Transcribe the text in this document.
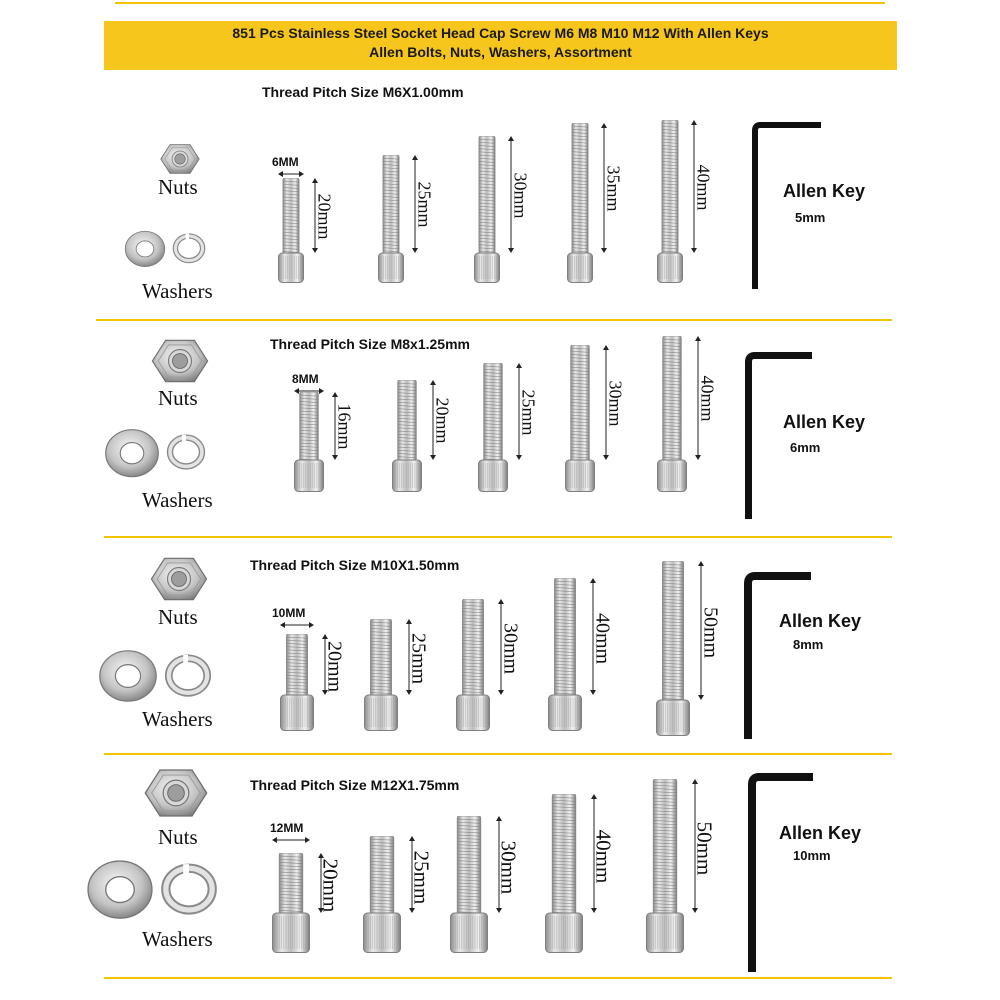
851 Pcs Stainless Steel Socket Head Cap Screw M6 M8 M10 M12 With Allen Keys
Allen Bolts, Nuts, Washers, Assortment
Thread Pitch Size M6X1.00mm
Nuts
Washers
6MM
20mm	25mm	30mm	35mm	40mm	Allen Key
5mm
Thread Pitch Size M8x1.25mm
Nuts
Washers
8MM
16mm	20mm	25mm	30mm	40mm
Allen Key
6mm
Thread Pitch Size M10X1.50mm
Nuts
Washers
10MM
20mm	25mm	30mm	40mm	50mm	Allen Key
8mm
Thread Pitch Size M12X1.75mm
Nuts
Washers
12MM
20mm	25mm	30mm	40mm	50mm	Allen Key
10mm
